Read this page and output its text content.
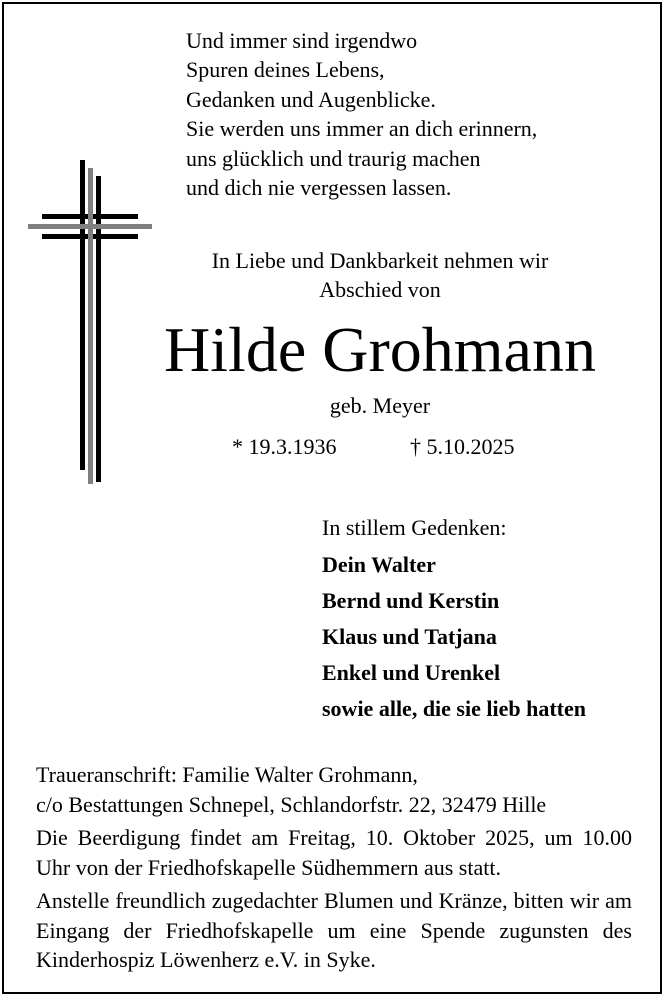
Und immer sind irgendwo
Spuren deines Lebens,
Gedanken und Augenblicke.
Sie werden uns immer an dich erinnern,
uns glücklich und traurig machen
und dich nie vergessen lassen.
In Liebe und Dankbarkeit nehmen wir
Abschied von
Hilde Grohmann
geb. Meyer
* 19.3.1936	† 5.10.2025
In stillem Gedenken:
Dein Walter
Bernd und Kerstin
Klaus und Tatjana
Enkel und Urenkel
sowie alle, die sie lieb hatten

Traueranschrift: Familie Walter Grohmann,
c/o Bestattungen Schnepel, Schlandorfstr. 22, 32479 Hille

Die Beerdigung findet am Freitag, 10. Oktober 2025, um 10.00 Uhr von der Friedhofskapelle Südhemmern aus statt.

Anstelle freundlich zugedachter Blumen und Kränze, bitten wir am Eingang der Friedhofskapelle um eine Spende zugunsten des Kinderhospiz Löwenherz e.V. in Syke.
